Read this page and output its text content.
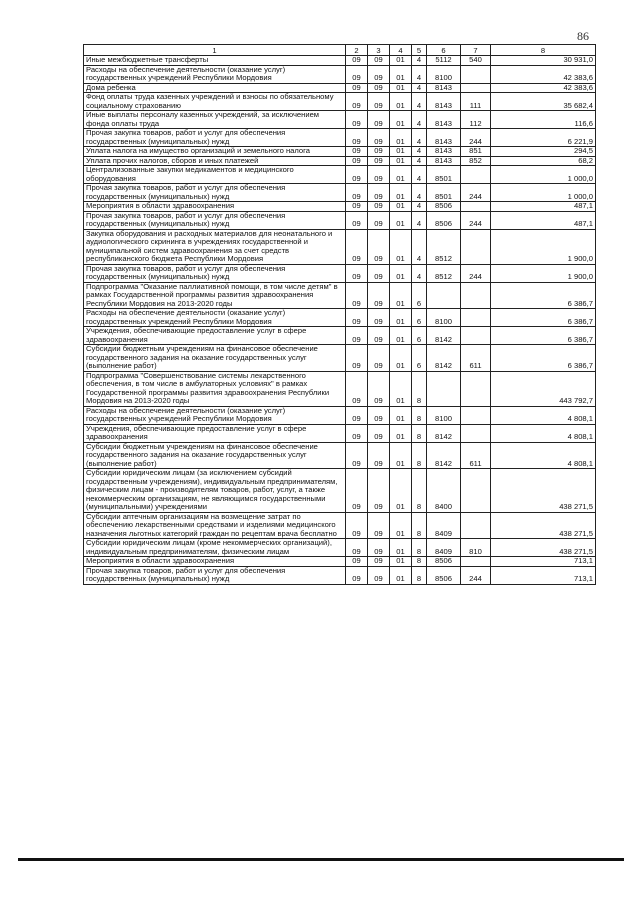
86
1	2	3	4	5	6	7	8
Иные межбюджетные трансферты	09	09	01	4	5112	540	30 931,0
Расходы на обеспечение деятельности (оказание услуг) государственных учреждений Республики Мордовия	09	09	01	4	8100		42 383,6
Дома ребенка	09	09	01	4	8143		42 383,6
Фонд оплаты труда казенных учреждений и взносы по обязательному социальному страхованию	09	09	01	4	8143	111	35 682,4
Иные выплаты персоналу казенных учреждений, за исключением фонда оплаты труда	09	09	01	4	8143	112	116,6
Прочая закупка товаров, работ и услуг для обеспечения государственных (муниципальных) нужд	09	09	01	4	8143	244	6 221,9
Уплата налога на имущество организаций и земельного налога	09	09	01	4	8143	851	294,5
Уплата прочих налогов, сборов и иных платежей	09	09	01	4	8143	852	68,2
Централизованные закупки медикаментов и медицинского оборудования	09	09	01	4	8501		1 000,0
Прочая закупка товаров, работ и услуг для обеспечения государственных (муниципальных) нужд	09	09	01	4	8501	244	1 000,0
Мероприятия в области здравоохранения	09	09	01	4	8506		487,1
Прочая закупка товаров, работ и услуг для обеспечения государственных (муниципальных) нужд	09	09	01	4	8506	244	487,1
Закупка оборудования и расходных материалов для неонатального и аудиологического скрининга в учреждениях государственной и муниципальной систем здравоохранения за счет средств республиканского бюджета Республики Мордовия	09	09	01	4	8512		1 900,0
Прочая закупка товаров, работ и услуг для обеспечения государственных (муниципальных) нужд	09	09	01	4	8512	244	1 900,0
Подпрограмма "Оказание паллиативной помощи, в том числе детям" в рамках Государственной программы развития здравоохранения Республики Мордовия на 2013-2020 годы	09	09	01	6			6 386,7
Расходы на обеспечение деятельности (оказание услуг) государственных учреждений Республики Мордовия	09	09	01	6	8100		6 386,7
Учреждения, обеспечивающие предоставление услуг в сфере здравоохранения	09	09	01	6	8142		6 386,7
Субсидии бюджетным учреждениям на финансовое обеспечение государственного задания на оказание государственных услуг (выполнение работ)	09	09	01	6	8142	611	6 386,7
Подпрограмма "Совершенствование системы лекарственного обеспечения, в том числе в амбулаторных условиях" в рамках Государственной программы развития здравоохранения Республики Мордовия на 2013-2020 годы	09	09	01	8			443 792,7
Расходы на обеспечение деятельности (оказание услуг) государственных учреждений Республики Мордовия	09	09	01	8	8100		4 808,1
Учреждения, обеспечивающие предоставление услуг в сфере здравоохранения	09	09	01	8	8142		4 808,1
Субсидии бюджетным учреждениям на финансовое обеспечение государственного задания на оказание государственных услуг (выполнение работ)	09	09	01	8	8142	611	4 808,1
Субсидии юридическим лицам (за исключением субсидий государственным учреждениям), индивидуальным предпринимателям, физическим лицам - производителям товаров, работ, услуг, а также некоммерческим организациям, не являющимся государственными (муниципальными) учреждениями	09	09	01	8	8400		438 271,5
Субсидии аптечным организациям на возмещение затрат по обеспечению лекарственными средствами и изделиями медицинского назначения льготных категорий граждан по рецептам врача бесплатно	09	09	01	8	8409		438 271,5
Субсидии юридическим лицам (кроме некоммерческих организаций), индивидуальным предпринимателям, физическим лицам	09	09	01	8	8409	810	438 271,5
Мероприятия в области здравоохранения	09	09	01	8	8506		713,1
Прочая закупка товаров, работ и услуг для обеспечения государственных (муниципальных) нужд	09	09	01	8	8506	244	713,1
